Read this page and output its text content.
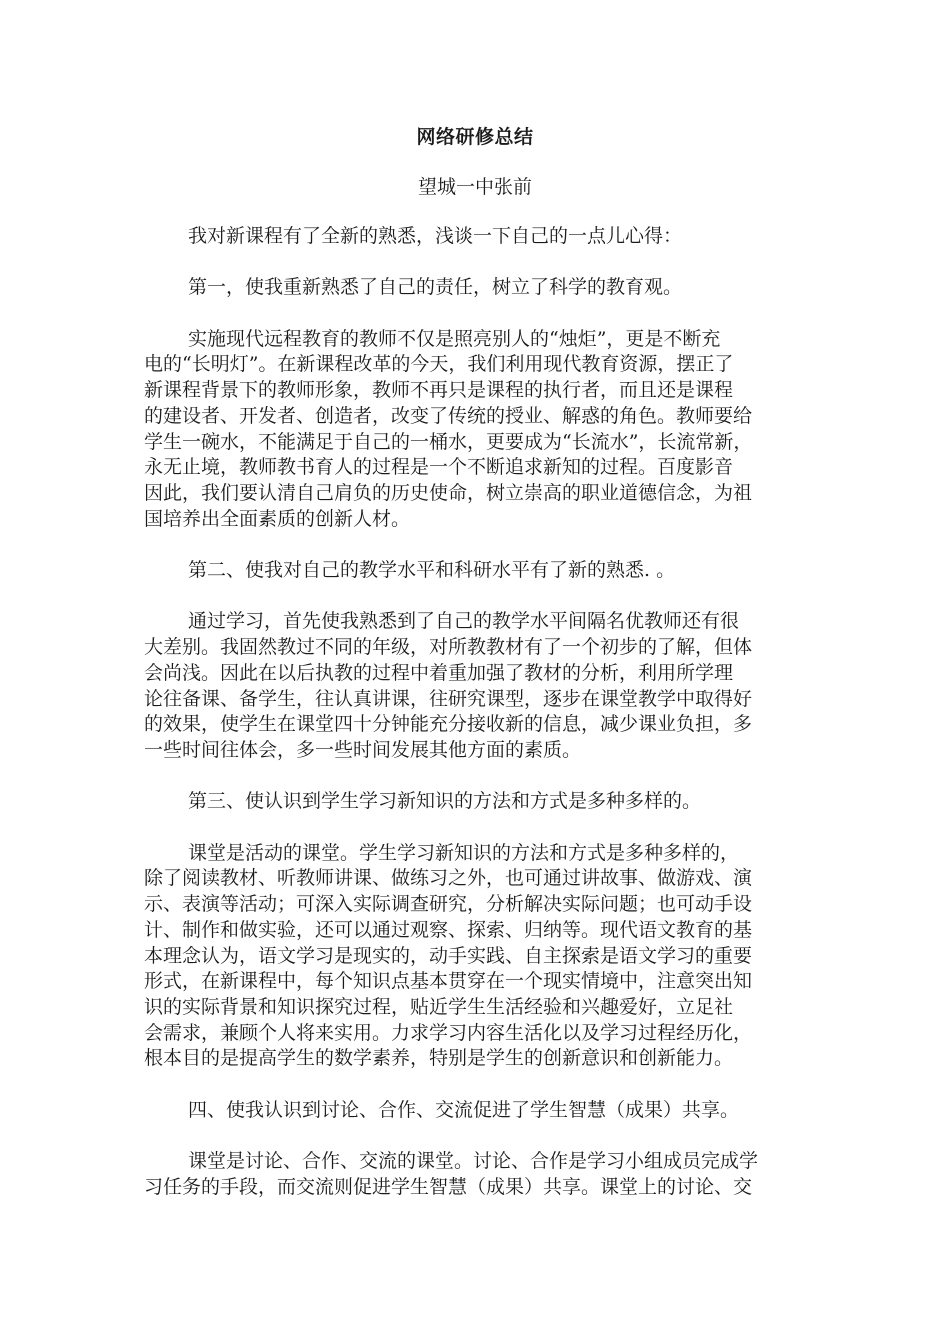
网络研修总结
望城一中张前
我对新课程有了全新的熟悉，浅谈一下自己的一点儿心得：
第一，使我重新熟悉了自己的责任，树立了科学的教育观。
实施现代远程教育的教师不仅是照亮别人的“烛炬”，更是不断充
电的“长明灯”。在新课程改革的今天，我们利用现代教育资源，摆正了
新课程背景下的教师形象，教师不再只是课程的执行者，而且还是课程
的建设者、开发者、创造者，改变了传统的授业、解惑的角色。教师要给
学生一碗水，不能满足于自己的一桶水，更要成为“长流水”，长流常新，
永无止境，教师教书育人的过程是一个不断追求新知的过程。百度影音
因此，我们要认清自己肩负的历史使命，树立崇高的职业道德信念，为祖
国培养出全面素质的创新人材。
第二、使我对自己的教学水平和科研水平有了新的熟悉. 。
通过学习，首先使我熟悉到了自己的教学水平间隔名优教师还有很
大差别。我固然教过不同的年级，对所教教材有了一个初步的了解，但体
会尚浅。因此在以后执教的过程中着重加强了教材的分析，利用所学理
论往备课、备学生，往认真讲课，往研究课型，逐步在课堂教学中取得好
的效果，使学生在课堂四十分钟能充分接收新的信息，减少课业负担，多
一些时间往体会，多一些时间发展其他方面的素质。
第三、使认识到学生学习新知识的方法和方式是多种多样的。
课堂是活动的课堂。学生学习新知识的方法和方式是多种多样的，
除了阅读教材、听教师讲课、做练习之外，也可通过讲故事、做游戏、演
示、表演等活动；可深入实际调查研究，分析解决实际问题；也可动手设
计、制作和做实验，还可以通过观察、探索、归纳等。现代语文教育的基
本理念认为，语文学习是现实的，动手实践、自主探索是语文学习的重要
形式，在新课程中，每个知识点基本贯穿在一个现实情境中，注意突出知
识的实际背景和知识探究过程，贴近学生生活经验和兴趣爱好，立足社
会需求，兼顾个人将来实用。力求学习内容生活化以及学习过程经历化，
根本目的是提高学生的数学素养，特别是学生的创新意识和创新能力。
四、使我认识到讨论、合作、交流促进了学生智慧（成果）共享。
课堂是讨论、合作、交流的课堂。讨论、合作是学习小组成员完成学
习任务的手段，而交流则促进学生智慧（成果）共享。课堂上的讨论、交
